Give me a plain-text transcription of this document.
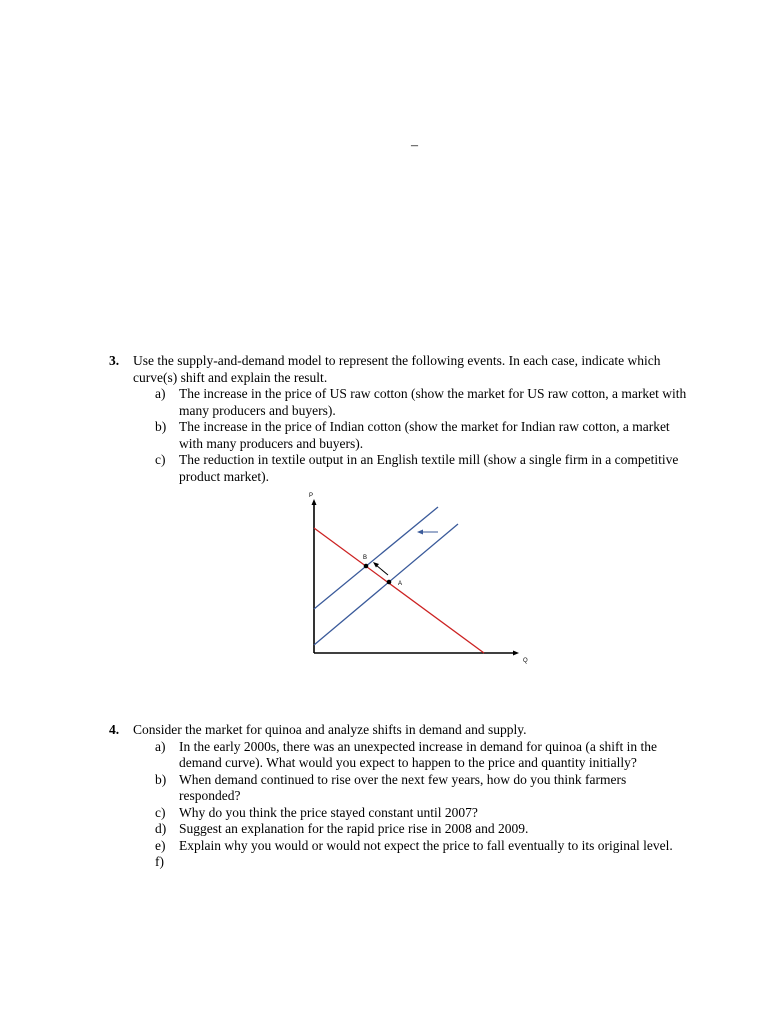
–
3.	Use the supply-and-demand model to represent the following events. In each case, indicate which curve(s) shift and explain the result.
a)	The increase in the price of US raw cotton (show the market for US raw cotton, a market with many producers and buyers).
b) The increase in the price of Indian cotton (show the market for Indian raw cotton, a market with many producers and buyers).
c)	The reduction in textile output in an English textile mill (show a single firm in a competitive product market).
P
Q
B
A
4.	Consider the market for quinoa and analyze shifts in demand and supply.
a)	In the early 2000s, there was an unexpected increase in demand for quinoa (a shift in the demand curve). What would you expect to happen to the price and quantity initially?
b) When demand continued to rise over the next few years, how do you think farmers responded?
c)	Why do you think the price stayed constant until 2007?
d) Suggest an explanation for the rapid price rise in 2008 and 2009.
e)	Explain why you would or would not expect the price to fall eventually to its original level.
f)
